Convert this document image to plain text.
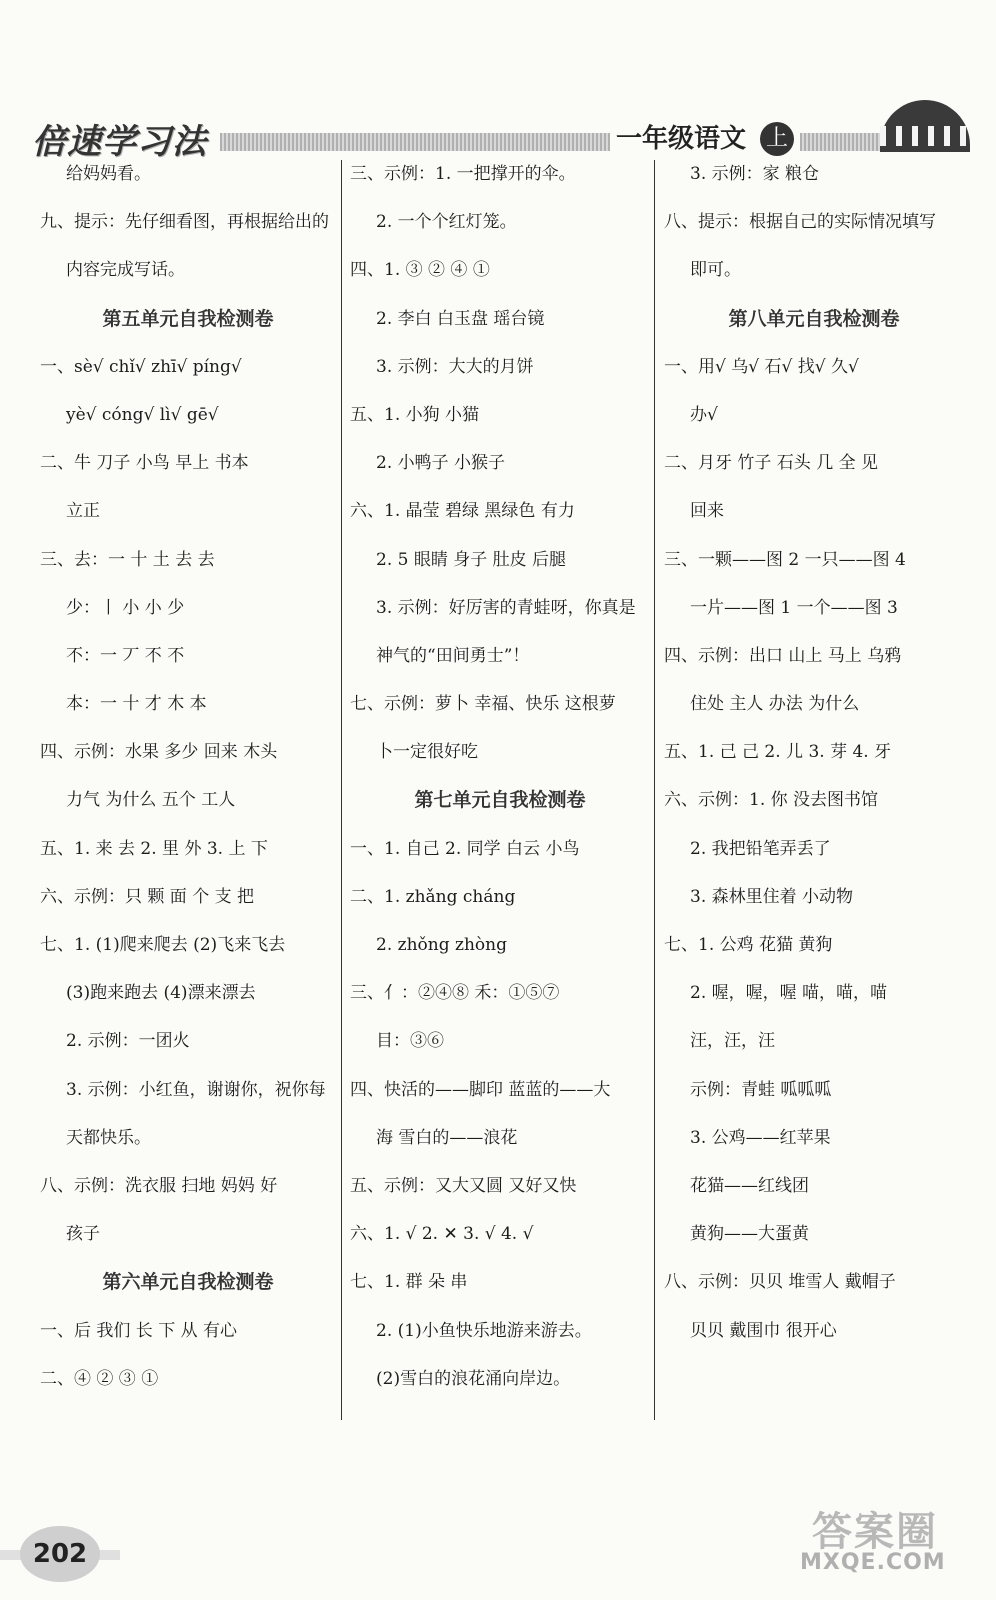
倍速学习法	一年级语文 上
给妈妈看。
九、提示：先仔细看图，再根据给出的
内容完成写话。
第五单元自我检测卷
一、sè√ chǐ√ zhī√ píng√
yè√ cóng√ lì√ gē√
二、牛 刀子 小鸟 早上 书本
立正
三、去：一 十 土 去 去
少：丨 小 小 少
不：一 丆 不 不
本：一 十 才 木 本
四、示例：水果 多少 回来 木头
力气 为什么 五个 工人
五、1. 来 去 2. 里 外 3. 上 下
六、示例：只 颗 面 个 支 把
七、1. (1)爬来爬去 (2)飞来飞去
(3)跑来跑去 (4)漂来漂去
2. 示例：一团火
3. 示例：小红鱼，谢谢你，祝你每
天都快乐。
八、示例：洗衣服 扫地 妈妈 好
孩子
第六单元自我检测卷
一、后 我们 长 下 从 有心
二、④ ② ③ ①
三、示例：1. 一把撑开的伞。
2. 一个个红灯笼。
四、1. ③ ② ④ ①
2. 李白 白玉盘 瑶台镜
3. 示例：大大的月饼
五、1. 小狗 小猫
2. 小鸭子 小猴子
六、1. 晶莹 碧绿 黑绿色 有力
2. 5 眼睛 身子 肚皮 后腿
3. 示例：好厉害的青蛙呀，你真是
神气的“田间勇士”！
七、示例：萝卜 幸福、快乐 这根萝
卜一定很好吃
第七单元自我检测卷
一、1. 自己 2. 同学 白云 小鸟
二、1. zhǎng cháng
2. zhǒng zhòng
三、亻：②④⑧ 禾：①⑤⑦
目：③⑥
四、快活的——脚印 蓝蓝的——大
海 雪白的——浪花
五、示例：又大又圆 又好又快
六、1. √ 2. ✕ 3. √ 4. √
七、1. 群 朵 串
2. (1)小鱼快乐地游来游去。
(2)雪白的浪花涌向岸边。
3. 示例：家 粮仓
八、提示：根据自己的实际情况填写
即可。
第八单元自我检测卷
一、用√ 乌√ 石√ 找√ 久√
办√
二、月牙 竹子 石头 几 全 见
回来
三、一颗——图 2 一只——图 4
一片——图 1 一个——图 3
四、示例：出口 山上 马上 乌鸦
住处 主人 办法 为什么
五、1. 己 己 2. 儿 3. 芽 4. 牙
六、示例：1. 你 没去图书馆
2. 我把铅笔弄丢了
3. 森林里住着 小动物
七、1. 公鸡 花猫 黄狗
2. 喔，喔，喔 喵，喵，喵
汪，汪，汪
示例：青蛙 呱呱呱
3. 公鸡——红苹果
花猫——红线团
黄狗——大蛋黄
八、示例：贝贝 堆雪人 戴帽子
贝贝 戴围巾 很开心
202	答案圈
MXQE.COM
